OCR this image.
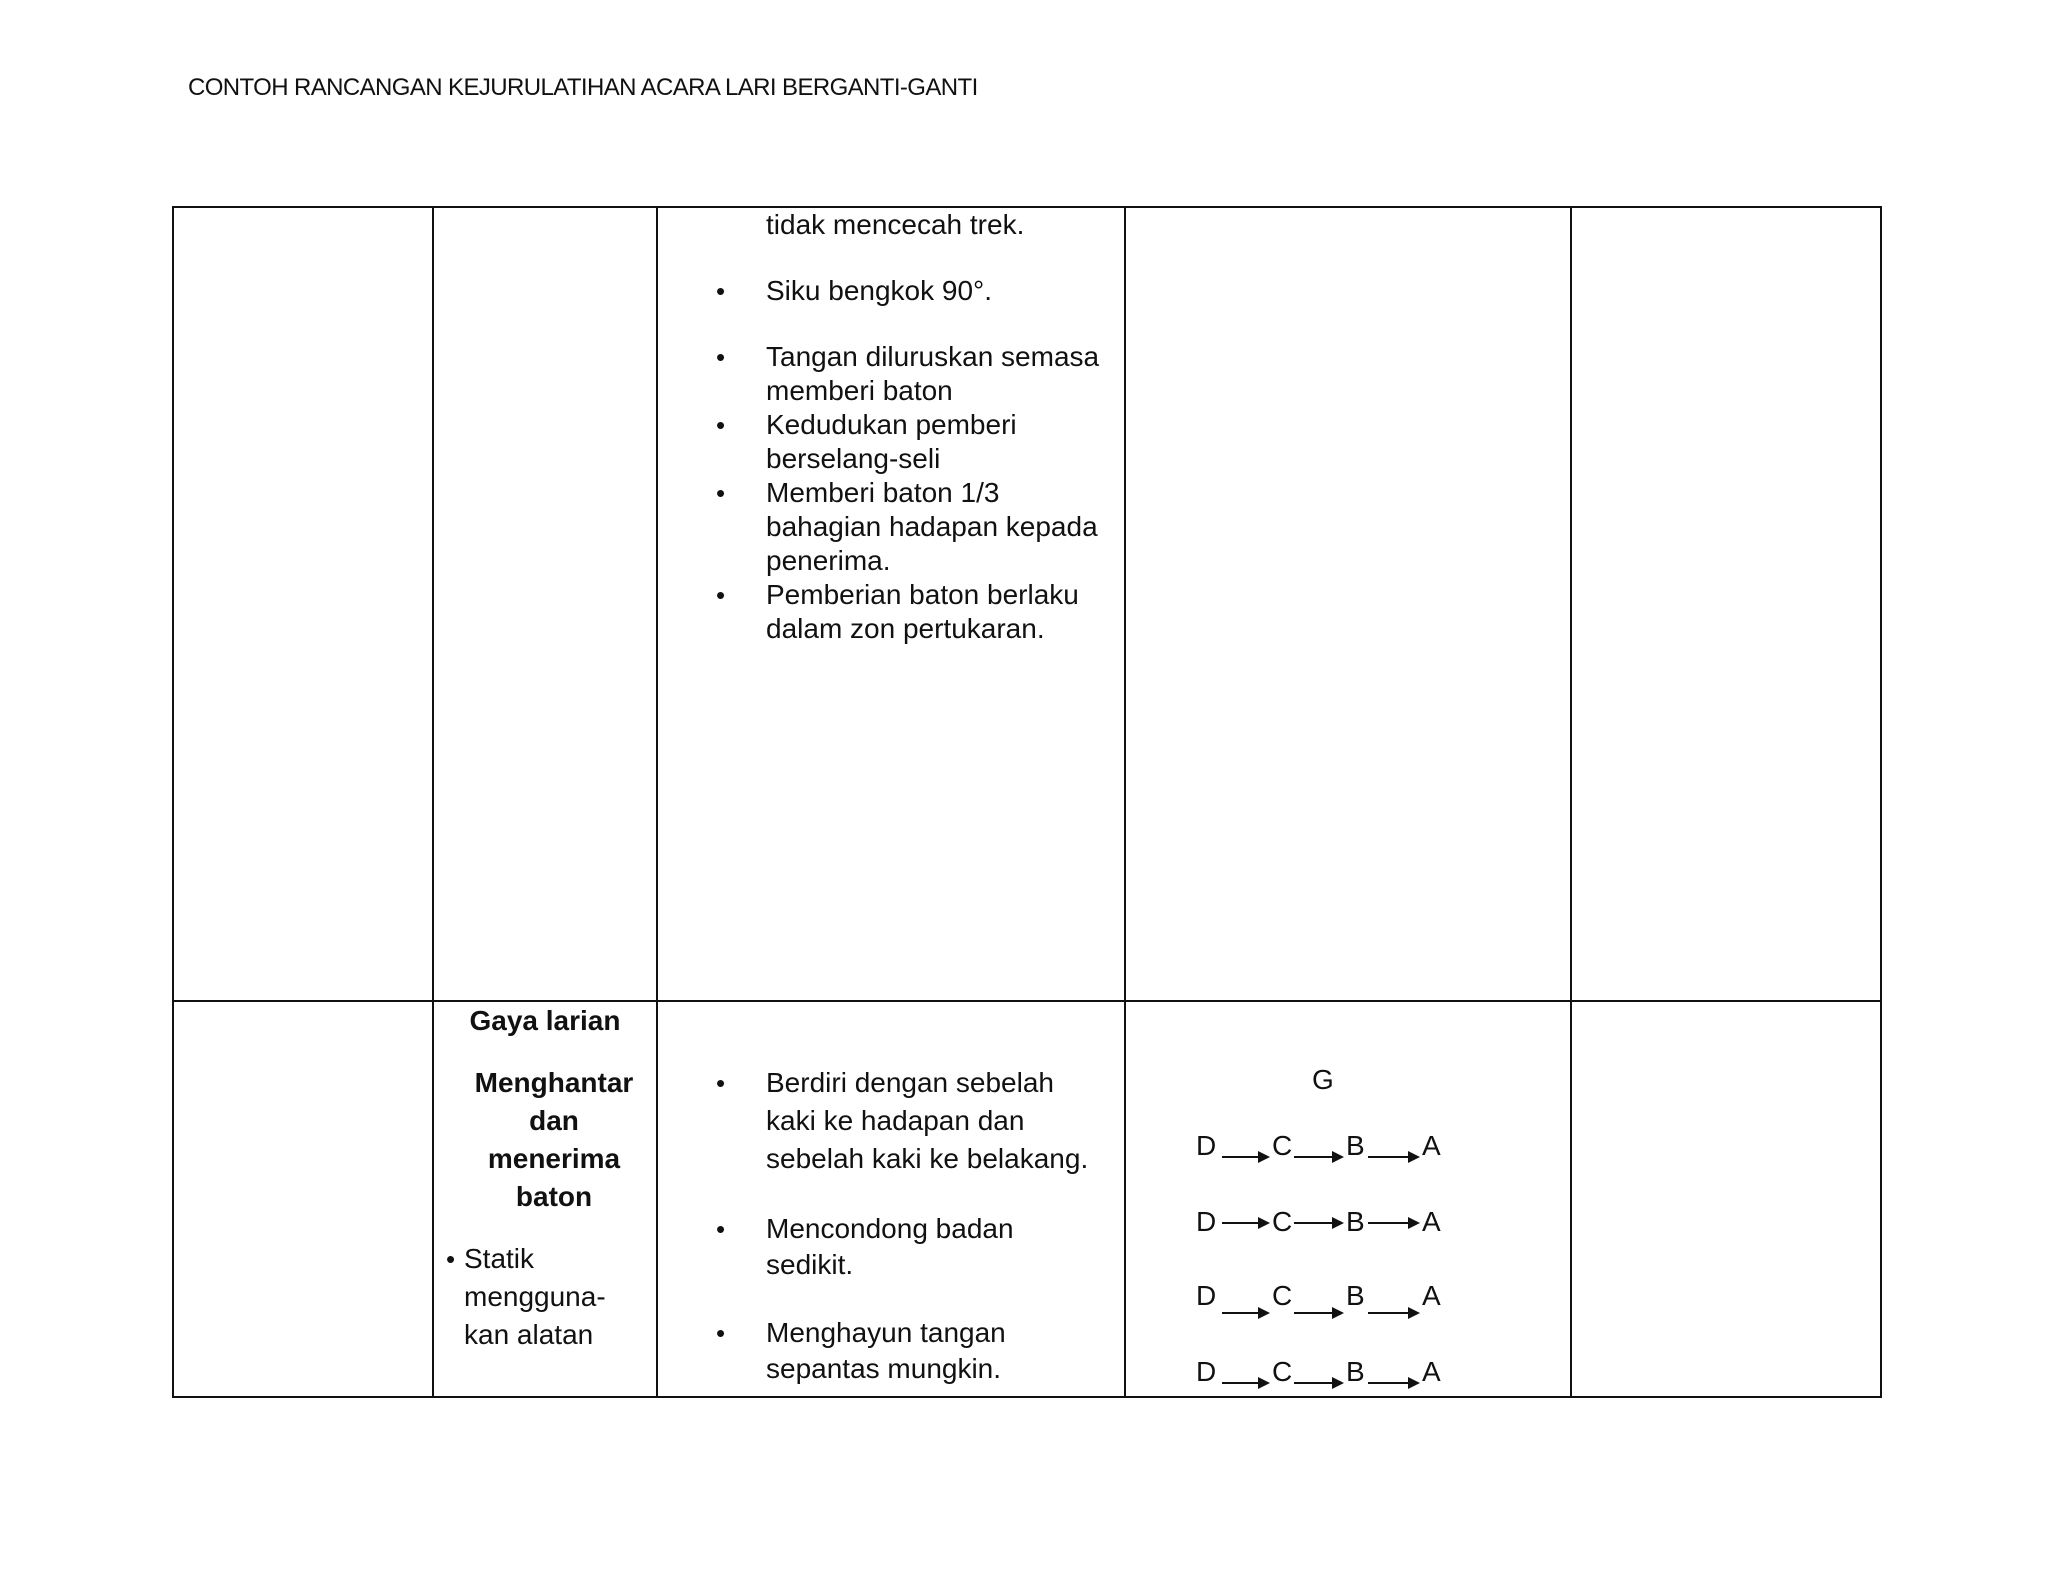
CONTOH RANCANGAN KEJURULATIHAN ACARA LARI BERGANTI-GANTI
tidak mencecah trek.
• Siku bengkok 90°.
• Tangan diluruskan semasa
memberi baton
• Kedudukan pemberi
berselang-seli
• Memberi baton 1/3
bahagian hadapan kepada
penerima.
• Pemberian baton berlaku
dalam zon pertukaran.
Gaya larian
Menghantar
dan
menerima
baton
• Statik
mengguna-
kan alatan
• Berdiri dengan sebelah
kaki ke hadapan dan
sebelah kaki ke belakang.
• Mencondong badan
sedikit.
• Menghayun tangan
sepantas mungkin.
G
D C B A
D C B A
D C B A
D C B A
